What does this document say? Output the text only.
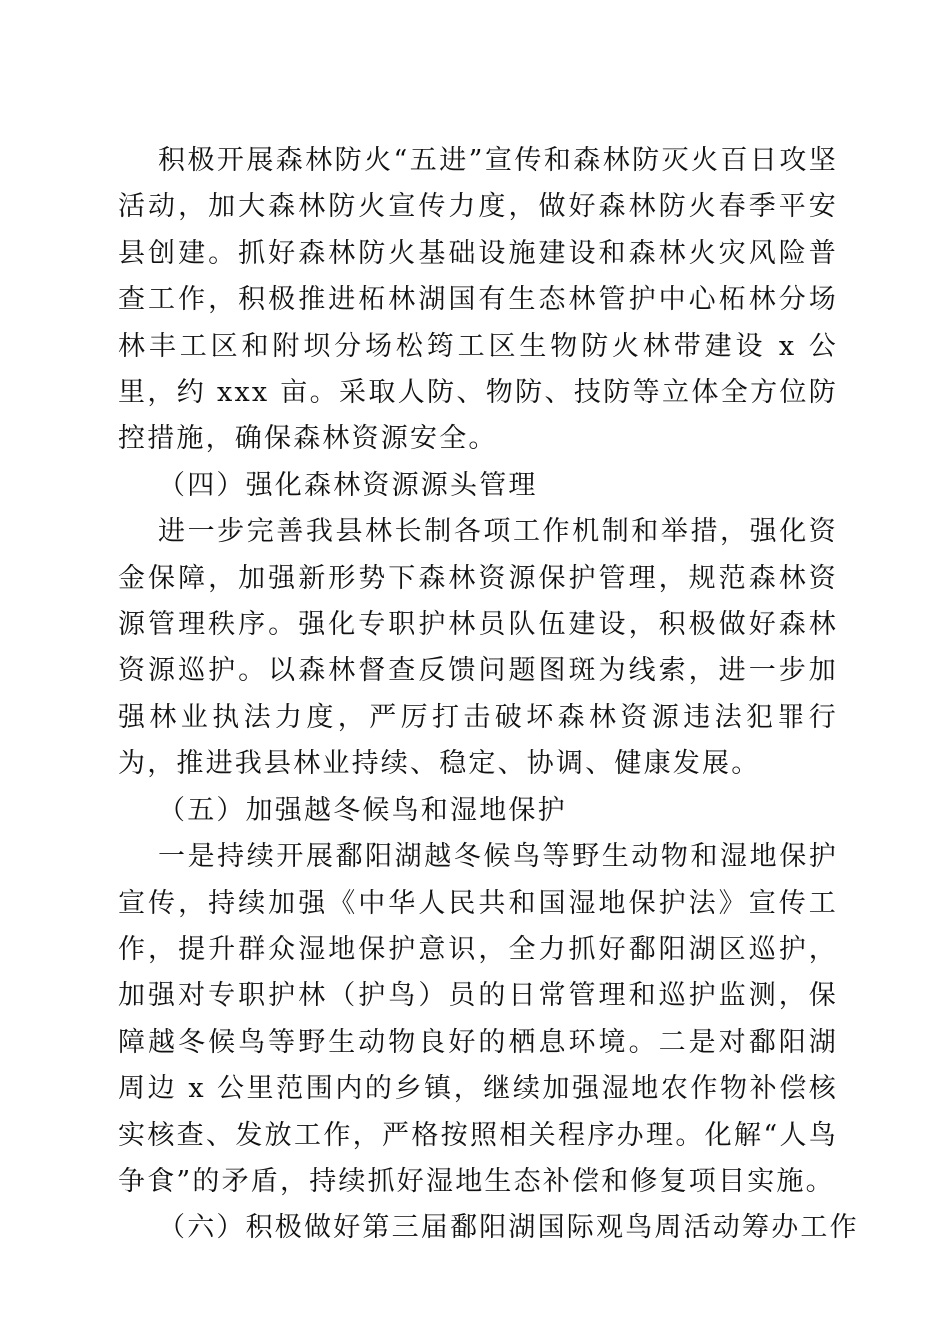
积极开展森林防火“五进”宣传和森林防灭火百日攻坚活动，加大森林防火宣传力度，做好森林防火春季平安县创建。抓好森林防火基础设施建设和森林火灾风险普查工作，积极推进柘林湖国有生态林管护中心柘林分场林丰工区和附坝分场松筠工区生物防火林带建设 x 公里，约 xxx 亩。采取人防、物防、技防等立体全方位防控措施，确保森林资源安全。

（四）强化森林资源源头管理

进一步完善我县林长制各项工作机制和举措，强化资金保障，加强新形势下森林资源保护管理，规范森林资源管理秩序。强化专职护林员队伍建设，积极做好森林资源巡护。以森林督查反馈问题图斑为线索，进一步加强林业执法力度，严厉打击破坏森林资源违法犯罪行为，推进我县林业持续、稳定、协调、健康发展。

（五）加强越冬候鸟和湿地保护

一是持续开展鄱阳湖越冬候鸟等野生动物和湿地保护宣传，持续加强《中华人民共和国湿地保护法》宣传工作，提升群众湿地保护意识，全力抓好鄱阳湖区巡护，加强对专职护林（护鸟）员的日常管理和巡护监测，保障越冬候鸟等野生动物良好的栖息环境。二是对鄱阳湖周边 x 公里范围内的乡镇，继续加强湿地农作物补偿核实核查、发放工作，严格按照相关程序办理。化解“人鸟争食”的矛盾，持续抓好湿地生态补偿和修复项目实施。

（六）积极做好第三届鄱阳湖国际观鸟周活动筹办工作
